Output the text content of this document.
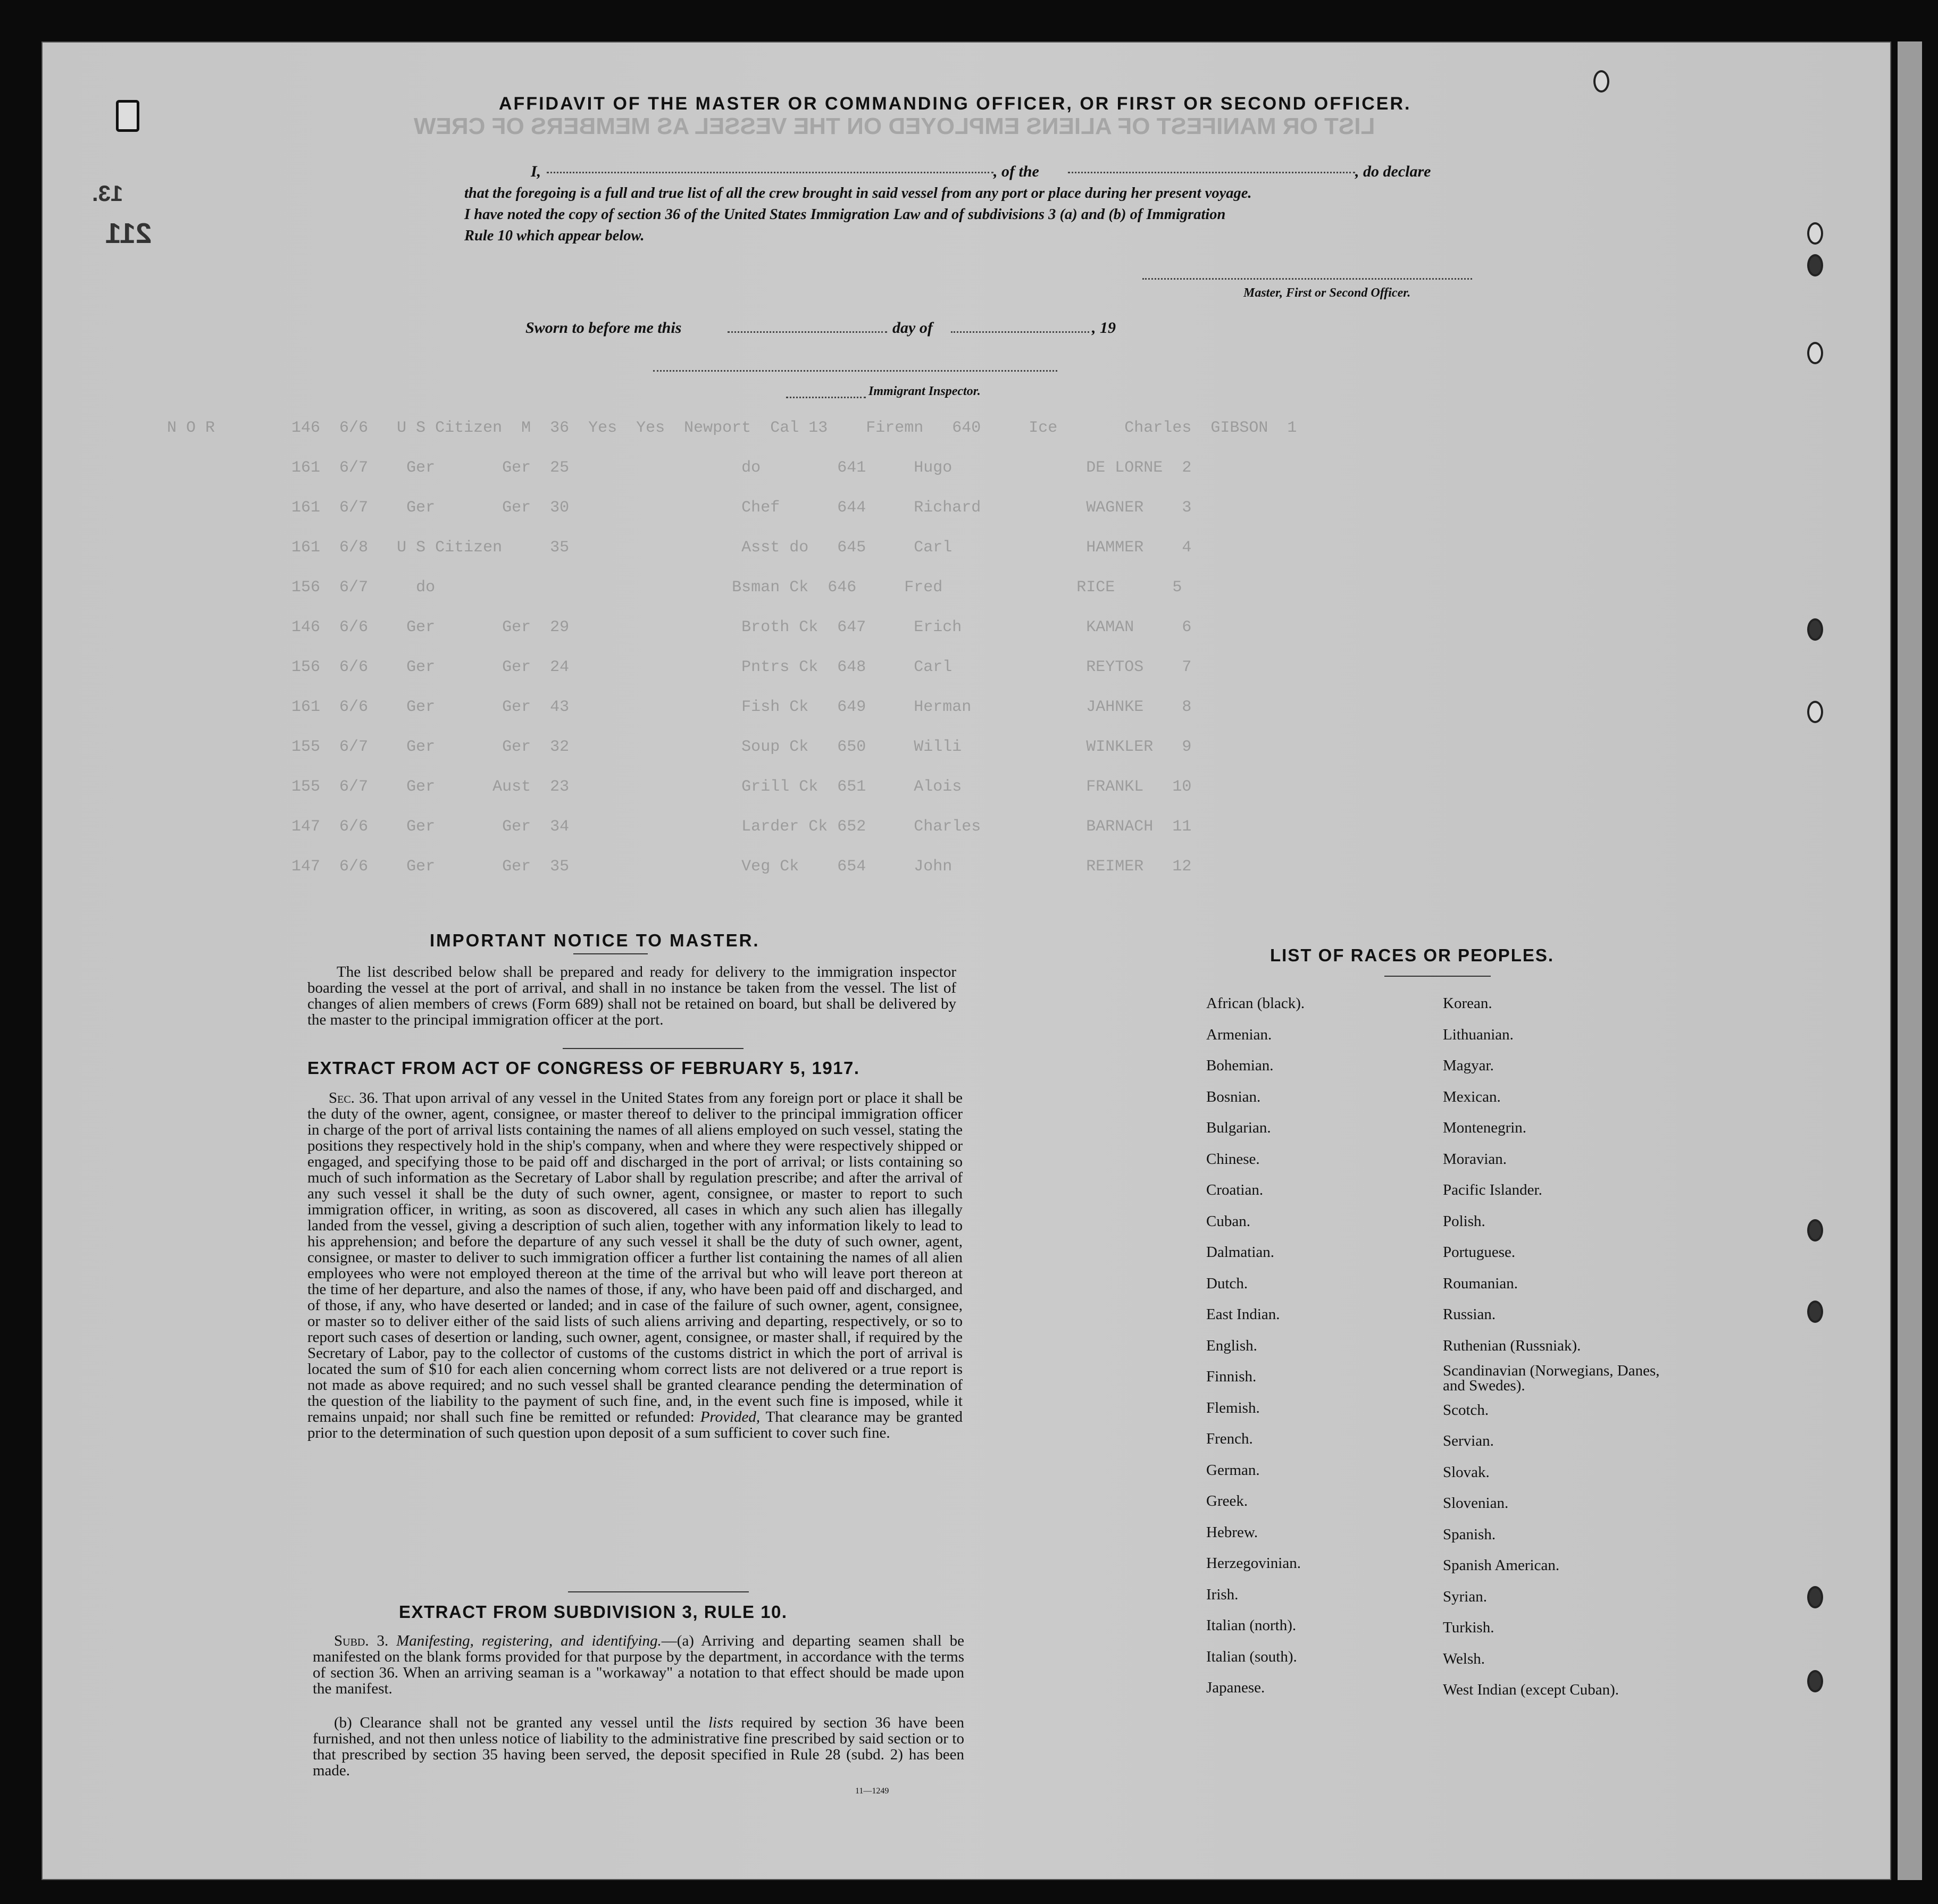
LIST OR MANIFEST OF ALIENS EMPLOYED ON THE VESSEL AS MEMBERS OF CREW
N O R        146  6/6   U S Citizen  M  36  Yes  Yes  Newport  Cal 13    Firemn   640     Ice       Charles  GIBSON  1
161  6/7    Ger       Ger  25                  do        641     Hugo              DE LORNE  2
161  6/7    Ger       Ger  30                  Chef      644     Richard           WAGNER    3
161  6/8   U S Citizen     35                  Asst do   645     Carl              HAMMER    4
156  6/7     do                               Bsman Ck  646     Fred              RICE      5
146  6/6    Ger       Ger  29                  Broth Ck  647     Erich             KAMAN     6
156  6/6    Ger       Ger  24                  Pntrs Ck  648     Carl              REYTOS    7
161  6/6    Ger       Ger  43                  Fish Ck   649     Herman            JAHNKE    8
155  6/7    Ger       Ger  32                  Soup Ck   650     Willi             WINKLER   9
155  6/7    Ger      Aust  23                  Grill Ck  651     Alois             FRANKL   10
147  6/6    Ger       Ger  34                  Larder Ck 652     Charles           BARNACH  11
147  6/6    Ger       Ger  35                  Veg Ck    654     John              REIMER   12
13.
211
AFFIDAVIT OF THE MASTER OR COMMANDING OFFICER, OR FIRST OR SECOND OFFICER.
I,	, of the	, do declare
that the foregoing is a full and true list of all the crew brought in said vessel from any port or place during her present voyage.
I have noted the copy of section 36 of the United States Immigration Law and of subdivisions 3 (a) and (b) of Immigration
Rule 10 which appear below.
Master, First or Second Officer.
Sworn to before me this	day of	, 19
Immigrant Inspector.
IMPORTANT NOTICE TO MASTER.
The list described below shall be prepared and ready for delivery to the immigration inspector boarding the vessel at the port of arrival, and shall in no instance be taken from the vessel. The list of changes of alien members of crews (Form 689) shall not be retained on board, but shall be delivered by the master to the principal immigration officer at the port.
EXTRACT FROM ACT OF CONGRESS OF FEBRUARY 5, 1917.
Sec. 36. That upon arrival of any vessel in the United States from any foreign port or place it shall be the duty of the owner, agent, consignee, or master thereof to deliver to the principal immigration officer in charge of the port of arrival lists containing the names of all aliens employed on such vessel, stating the positions they respectively hold in the ship's company, when and where they were respectively shipped or engaged, and specifying those to be paid off and discharged in the port of arrival; or lists containing so much of such information as the Secretary of Labor shall by regulation prescribe; and after the arrival of any such vessel it shall be the duty of such owner, agent, consignee, or master to report to such immigration officer, in writing, as soon as discovered, all cases in which any such alien has illegally landed from the vessel, giving a description of such alien, together with any information likely to lead to his apprehension; and before the departure of any such vessel it shall be the duty of such owner, agent, consignee, or master to deliver to such immigration officer a further list containing the names of all alien employees who were not employed thereon at the time of the arrival but who will leave port thereon at the time of her departure, and also the names of those, if any, who have been paid off and discharged, and of those, if any, who have deserted or landed; and in case of the failure of such owner, agent, consignee, or master so to deliver either of the said lists of such aliens arriving and departing, respectively, or so to report such cases of desertion or landing, such owner, agent, consignee, or master shall, if required by the Secretary of Labor, pay to the collector of customs of the customs district in which the port of arrival is located the sum of $10 for each alien concerning whom correct lists are not delivered or a true report is not made as above required; and no such vessel shall be granted clearance pending the determination of the question of the liability to the payment of such fine, and, in the event such fine is imposed, while it remains unpaid; nor shall such fine be remitted or refunded: Provided, That clearance may be granted prior to the determination of such question upon deposit of a sum sufficient to cover such fine.
EXTRACT FROM SUBDIVISION 3, RULE 10.
Subd. 3. Manifesting, registering, and identifying.—(a) Arriving and departing seamen shall be manifested on the blank forms provided for that purpose by the department, in accordance with the terms of section 36. When an arriving seaman is a "workaway" a notation to that effect should be made upon the manifest.
(b) Clearance shall not be granted any vessel until the lists required by section 36 have been furnished, and not then unless notice of liability to the administrative fine prescribed by said section or to that prescribed by section 35 having been served, the deposit specified in Rule 28 (subd. 2) has been made.
11—1249
LIST OF RACES OR PEOPLES.
African (black).
Armenian.
Bohemian.
Bosnian.
Bulgarian.
Chinese.
Croatian.
Cuban.
Dalmatian.
Dutch.
East Indian.
English.
Finnish.
Flemish.
French.
German.
Greek.
Hebrew.
Herzegovinian.
Irish.
Italian (north).
Italian (south).
Japanese.
Korean.
Lithuanian.
Magyar.
Mexican.
Montenegrin.
Moravian.
Pacific Islander.
Polish.
Portuguese.
Roumanian.
Russian.
Ruthenian (Russniak).
Scandinavian (Norwegians, Danes, and Swedes).
Scotch.
Servian.
Slovak.
Slovenian.
Spanish.
Spanish American.
Syrian.
Turkish.
Welsh.
West Indian (except Cuban).
